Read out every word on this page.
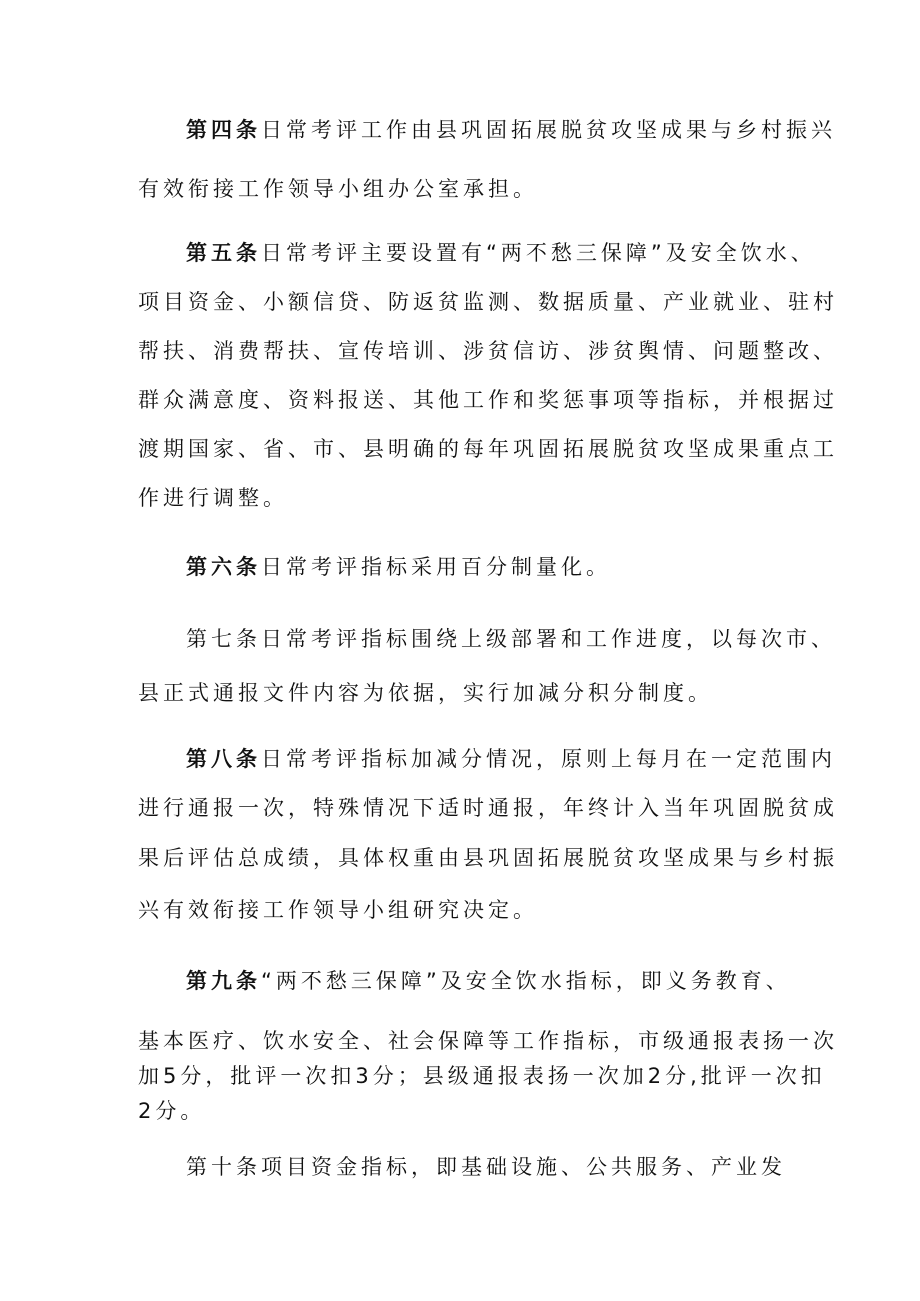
第四条日常考评工作由县巩固拓展脱贫攻坚成果与乡村振兴
有效衔接工作领导小组办公室承担。
第五条日常考评主要设置有“两不愁三保障”及安全饮水、
项目资金、小额信贷、防返贫监测、数据质量、产业就业、驻村
帮扶、消费帮扶、宣传培训、涉贫信访、涉贫舆情、问题整改、
群众满意度、资料报送、其他工作和奖惩事项等指标，并根据过
渡期国家、省、市、县明确的每年巩固拓展脱贫攻坚成果重点工
作进行调整。
第六条日常考评指标采用百分制量化。
第七条日常考评指标围绕上级部署和工作进度，以每次市、
县正式通报文件内容为依据，实行加减分积分制度。
第八条日常考评指标加减分情况，原则上每月在一定范围内
进行通报一次，特殊情况下适时通报，年终计入当年巩固脱贫成
果后评估总成绩，具体权重由县巩固拓展脱贫攻坚成果与乡村振
兴有效衔接工作领导小组研究决定。
第九条“两不愁三保障”及安全饮水指标，即义务教育、
基本医疗、饮水安全、社会保障等工作指标，市级通报表扬一次
加5分，批评一次扣3分；县级通报表扬一次加2分,批评一次扣
2分。
第十条项目资金指标，即基础设施、公共服务、产业发
